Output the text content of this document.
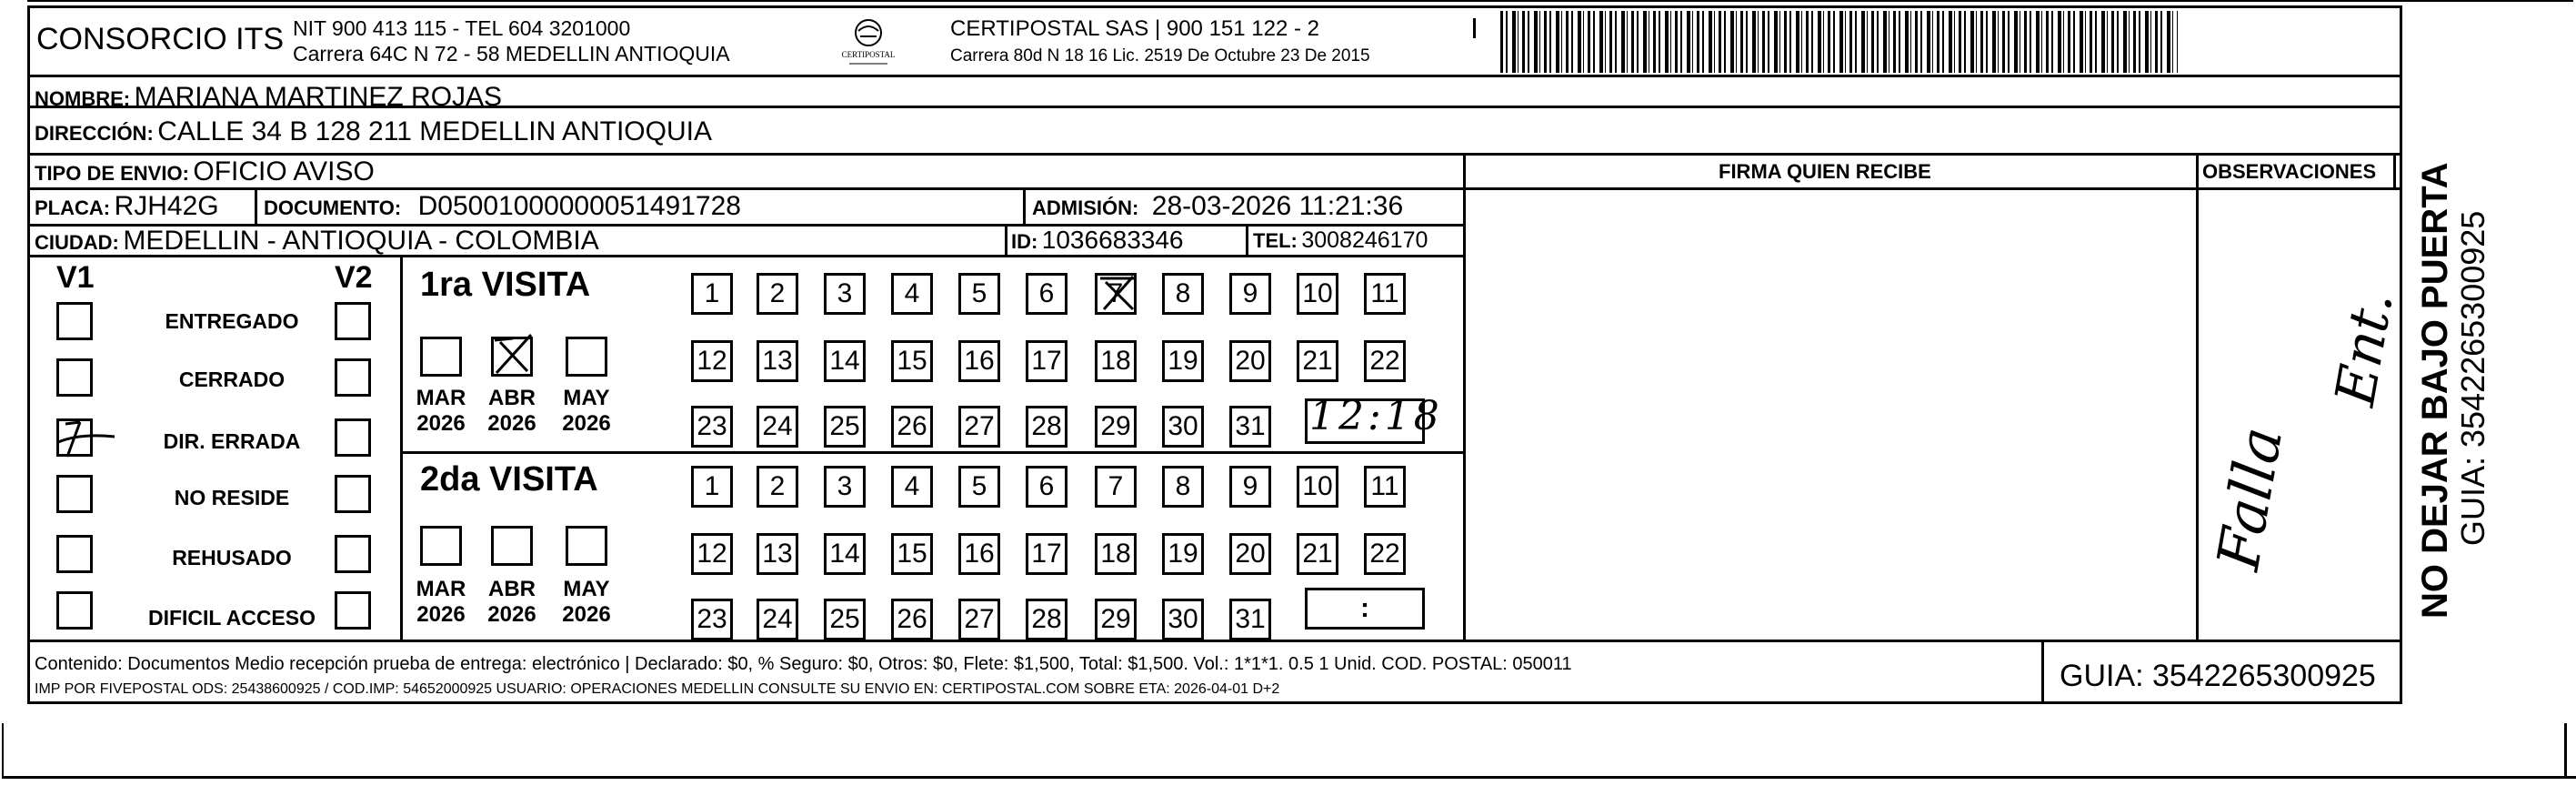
CONSORCIO ITS NIT 900 413 115 - TEL 604 3201000
Carrera 64C N 72 - 58 MEDELLIN ANTIOQUIA	CERTIPOSTAL
CERTIPOSTAL SAS | 900 151 122 - 2
Carrera 80d N 18 16 Lic. 2519 De Octubre 23 De 2015
NOMBRE: MARIANA MARTINEZ ROJAS
DIRECCIÓN: CALLE 34 B 128 211 MEDELLIN ANTIOQUIA
TIPO DE ENVIO: OFICIO AVISO
PLACA: RJH42G DOCUMENTO: D05001000000051491728	ADMISIÓN: 28-03-2026 11:21:36
CIUDAD: MEDELLIN - ANTIOQUIA - COLOMBIA	ID: 1036683346	TEL: 3008246170
FIRMA QUIEN RECIBE	OBSERVACIONES
V1	V2
ENTREGADO
CERRADO
DIR. ERRADA
NO RESIDE
REHUSADO
DIFICIL ACCESO
1ra VISITA
MAR
2026
ABR
2026
MAY
2026
1	2	3	4	5	6	7	8	9	10 11
12 13 14 15 16 17 18 19 20 21 22
23 24 25 26 27 28 29 30 31 12:18
2da VISITA
MAR
2026
ABR
2026
MAY
2026
1	2	3	4	5	6	7	8	9	10 11
12 13 14 15 16 17 18 19 20 21 22
23 24 25 26 27 28 29 30 31	:
Falla
Ent.
Contenido: Documentos Medio recepción prueba de entrega: electrónico | Declarado: $0, % Seguro: $0, Otros: $0, Flete: $1,500, Total: $1,500. Vol.: 1*1*1. 0.5 1 Unid. COD. POSTAL: 050011
IMP POR FIVEPOSTAL ODS: 25438600925 / COD.IMP: 54652000925 USUARIO: OPERACIONES MEDELLIN CONSULTE SU ENVIO EN: CERTIPOSTAL.COM SOBRE ETA: 2026-04-01 D+2	GUIA: 3542265300925
NO DEJAR BAJO PUERTA GUIA: 3542265300925
